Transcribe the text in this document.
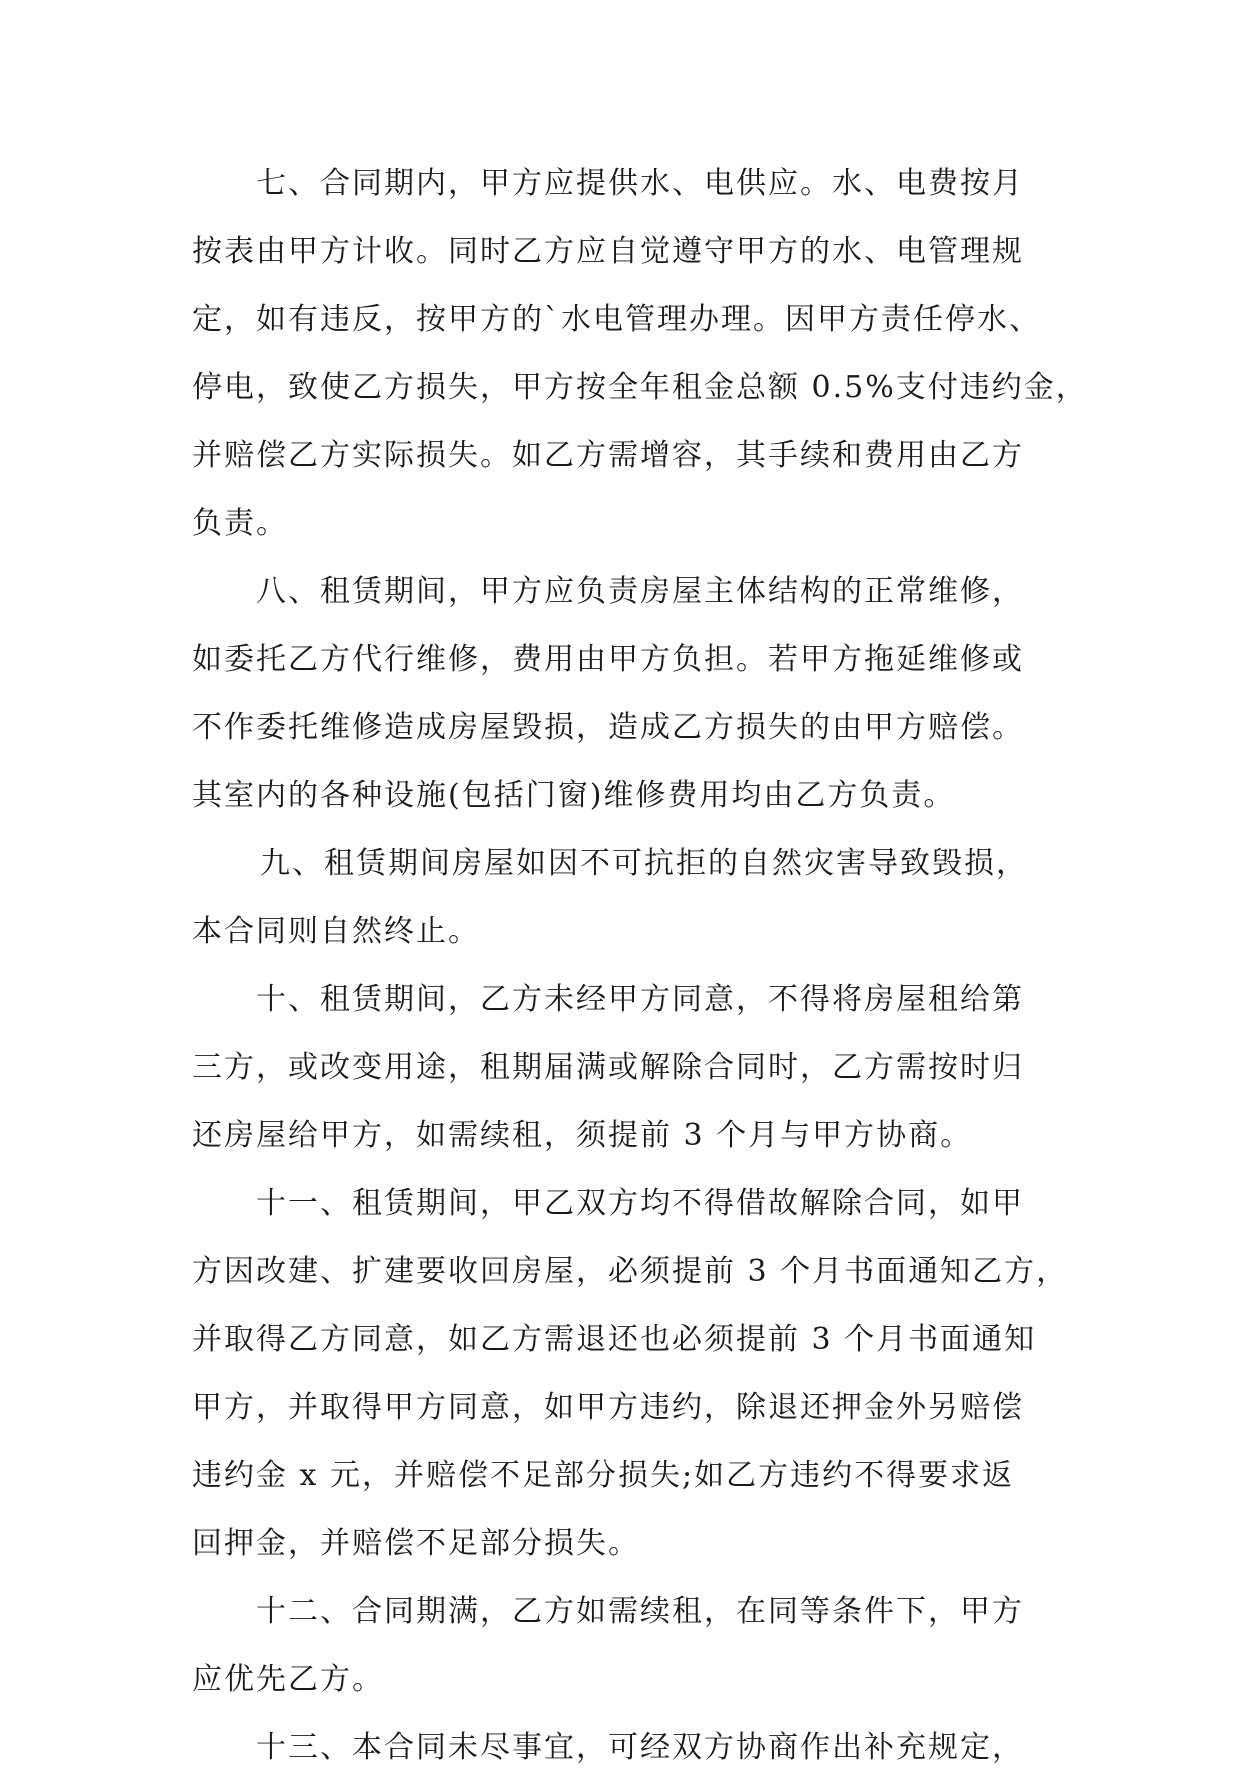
七、合同期内，甲方应提供水、电供应。水、电费按月
按表由甲方计收。同时乙方应自觉遵守甲方的水、电管理规
定，如有违反，按甲方的`水电管理办理。因甲方责任停水、
停电，致使乙方损失，甲方按全年租金总额 0.5%支付违约金，
并赔偿乙方实际损失。如乙方需增容，其手续和费用由乙方
负责。
八、租赁期间，甲方应负责房屋主体结构的正常维修，
如委托乙方代行维修，费用由甲方负担。若甲方拖延维修或
不作委托维修造成房屋毁损，造成乙方损失的由甲方赔偿。
其室内的各种设施(包括门窗)维修费用均由乙方负责。
九、租赁期间房屋如因不可抗拒的自然灾害导致毁损，
本合同则自然终止。
十、租赁期间，乙方未经甲方同意，不得将房屋租给第
三方，或改变用途，租期届满或解除合同时，乙方需按时归
还房屋给甲方，如需续租，须提前 3 个月与甲方协商。
十一、租赁期间，甲乙双方均不得借故解除合同，如甲
方因改建、扩建要收回房屋，必须提前 3 个月书面通知乙方，
并取得乙方同意，如乙方需退还也必须提前 3 个月书面通知
甲方，并取得甲方同意，如甲方违约，除退还押金外另赔偿
违约金 x 元，并赔偿不足部分损失;如乙方违约不得要求返
回押金，并赔偿不足部分损失。
十二、合同期满，乙方如需续租，在同等条件下，甲方
应优先乙方。
十三、本合同未尽事宜，可经双方协商作出补充规定，
